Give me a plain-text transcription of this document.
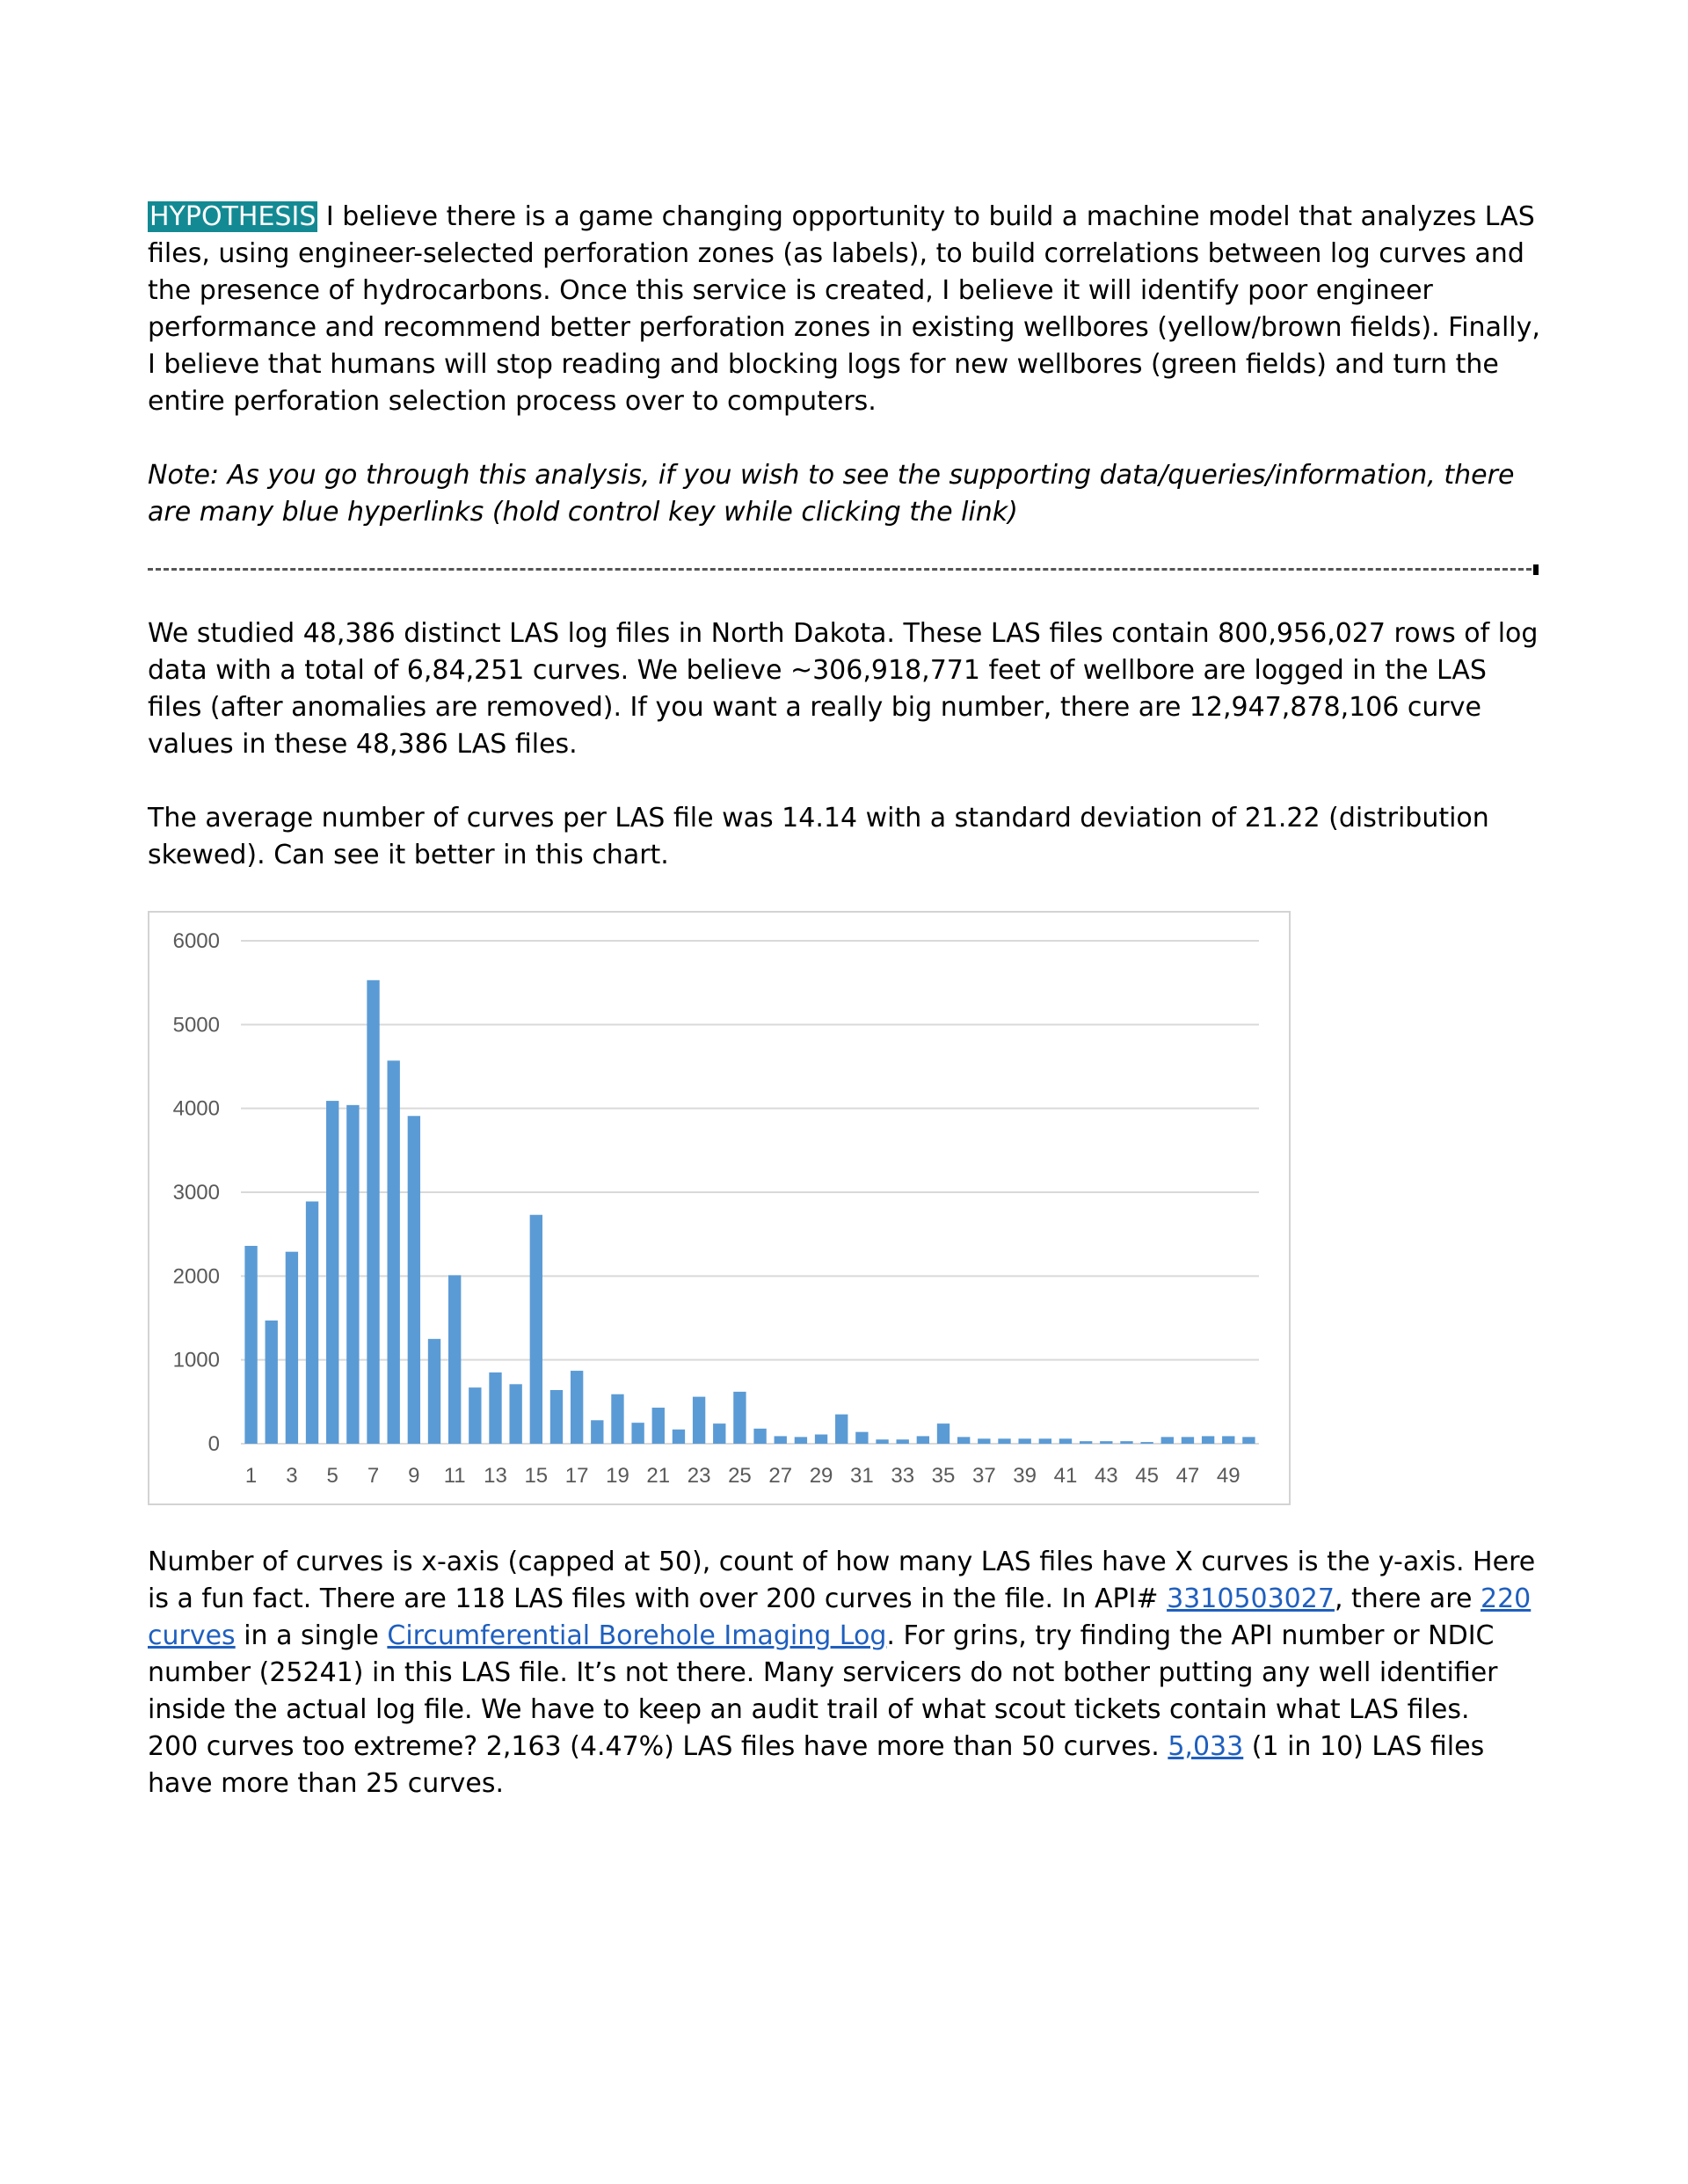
HYPOTHESIS I believe there is a game changing opportunity to build a machine model that analyzes LAS files, using engineer-selected perforation zones (as labels), to build correlations between log curves and the presence of hydrocarbons. Once this service is created, I believe it will identify poor engineer performance and recommend better perforation zones in existing wellbores (yellow/brown fields). Finally, I believe that humans will stop reading and blocking logs for new wellbores (green fields) and turn the entire perforation selection process over to computers.

Note: As you go through this analysis, if you wish to see the supporting data/queries/information, there are many blue hyperlinks (hold control key while clicking the link)

We studied 48,386 distinct LAS log files in North Dakota. These LAS files contain 800,956,027 rows of log data with a total of 6,84,251 curves. We believe ~306,918,771 feet of wellbore are logged in the LAS files (after anomalies are removed). If you want a really big number, there are 12,947,878,106 curve values in these 48,386 LAS files.

The average number of curves per LAS file was 14.14 with a standard deviation of 21.22 (distribution skewed). Can see it better in this chart.

0
1000
2000
3000
4000
5000
6000
1 3 5 7 9 11 13 15 17 19 21 23 25 27 29 31 33 35 37 39 41 43 45 47 49

Number of curves is x-axis (capped at 50), count of how many LAS files have X curves is the y-axis. Here is a fun fact. There are 118 LAS files with over 200 curves in the file. In API# 3310503027, there are 220 curves in a single Circumferential Borehole Imaging Log. For grins, try finding the API number or NDIC number (25241) in this LAS file. It’s not there. Many servicers do not bother putting any well identifier inside the actual log file. We have to keep an audit trail of what scout tickets contain what LAS files.

200 curves too extreme? 2,163 (4.47%) LAS files have more than 50 curves. 5,033 (1 in 10) LAS files have more than 25 curves.
